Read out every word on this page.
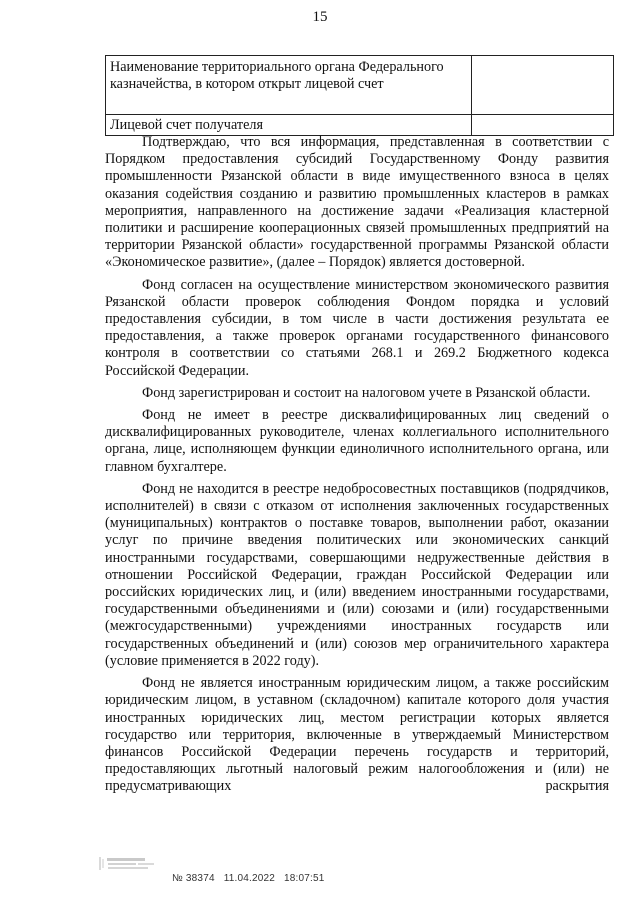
15
Наименование территориального органа Федерального казначейства, в котором открыт лицевой счет	
Лицевой счет получателя	

Подтверждаю, что вся информация, представленная в соответствии с Порядком предоставления субсидий Государственному Фонду развития промышленности Рязанской области в виде имущественного взноса в целях оказания содействия созданию и развитию промышленных кластеров в рамках мероприятия, направленного на достижение задачи «Реализация кластерной политики и расширение кооперационных связей промышленных предприятий на территории Рязанской области» государственной программы Рязанской области «Экономическое развитие», (далее – Порядок) является достоверной.

Фонд согласен на осуществление министерством экономического развития Рязанской области проверок соблюдения Фондом порядка и условий предоставления субсидии, в том числе в части достижения результата ее предоставления, а также проверок органами государственного финансового контроля в соответствии со статьями 268.1 и 269.2 Бюджетного кодекса Российской Федерации.

Фонд зарегистрирован и состоит на налоговом учете в Рязанской области.

Фонд не имеет в реестре дисквалифицированных лиц сведений о дисквалифицированных руководителе, членах коллегиального исполнительного органа, лице, исполняющем функции единоличного исполнительного органа, или главном бухгалтере.

Фонд не находится в реестре недобросовестных поставщиков (подрядчиков, исполнителей) в связи с отказом от исполнения заключенных государственных (муниципальных) контрактов о поставке товаров, выполнении работ, оказании услуг по причине введения политических или экономических санкций иностранными государствами, совершающими недружественные действия в отношении Российской Федерации, граждан Российской Федерации или российских юридических лиц, и (или) введением иностранными государствами, государственными объединениями и (или) союзами и (или) государственными (межгосударственными) учреждениями иностранных государств или государственных объединений и (или) союзов мер ограничительного характера (условие применяется в 2022 году).

Фонд не является иностранным юридическим лицом, а также российским юридическим лицом, в уставном (складочном) капитале которого доля участия иностранных юридических лиц, местом регистрации которых является государство или территория, включенные в утверждаемый Министерством финансов Российской Федерации перечень государств и территорий, предоставляющих льготный налоговый режим налогообложения и (или) не предусматривающих раскрытия

№ 38374 11.04.2022 18:07:51
